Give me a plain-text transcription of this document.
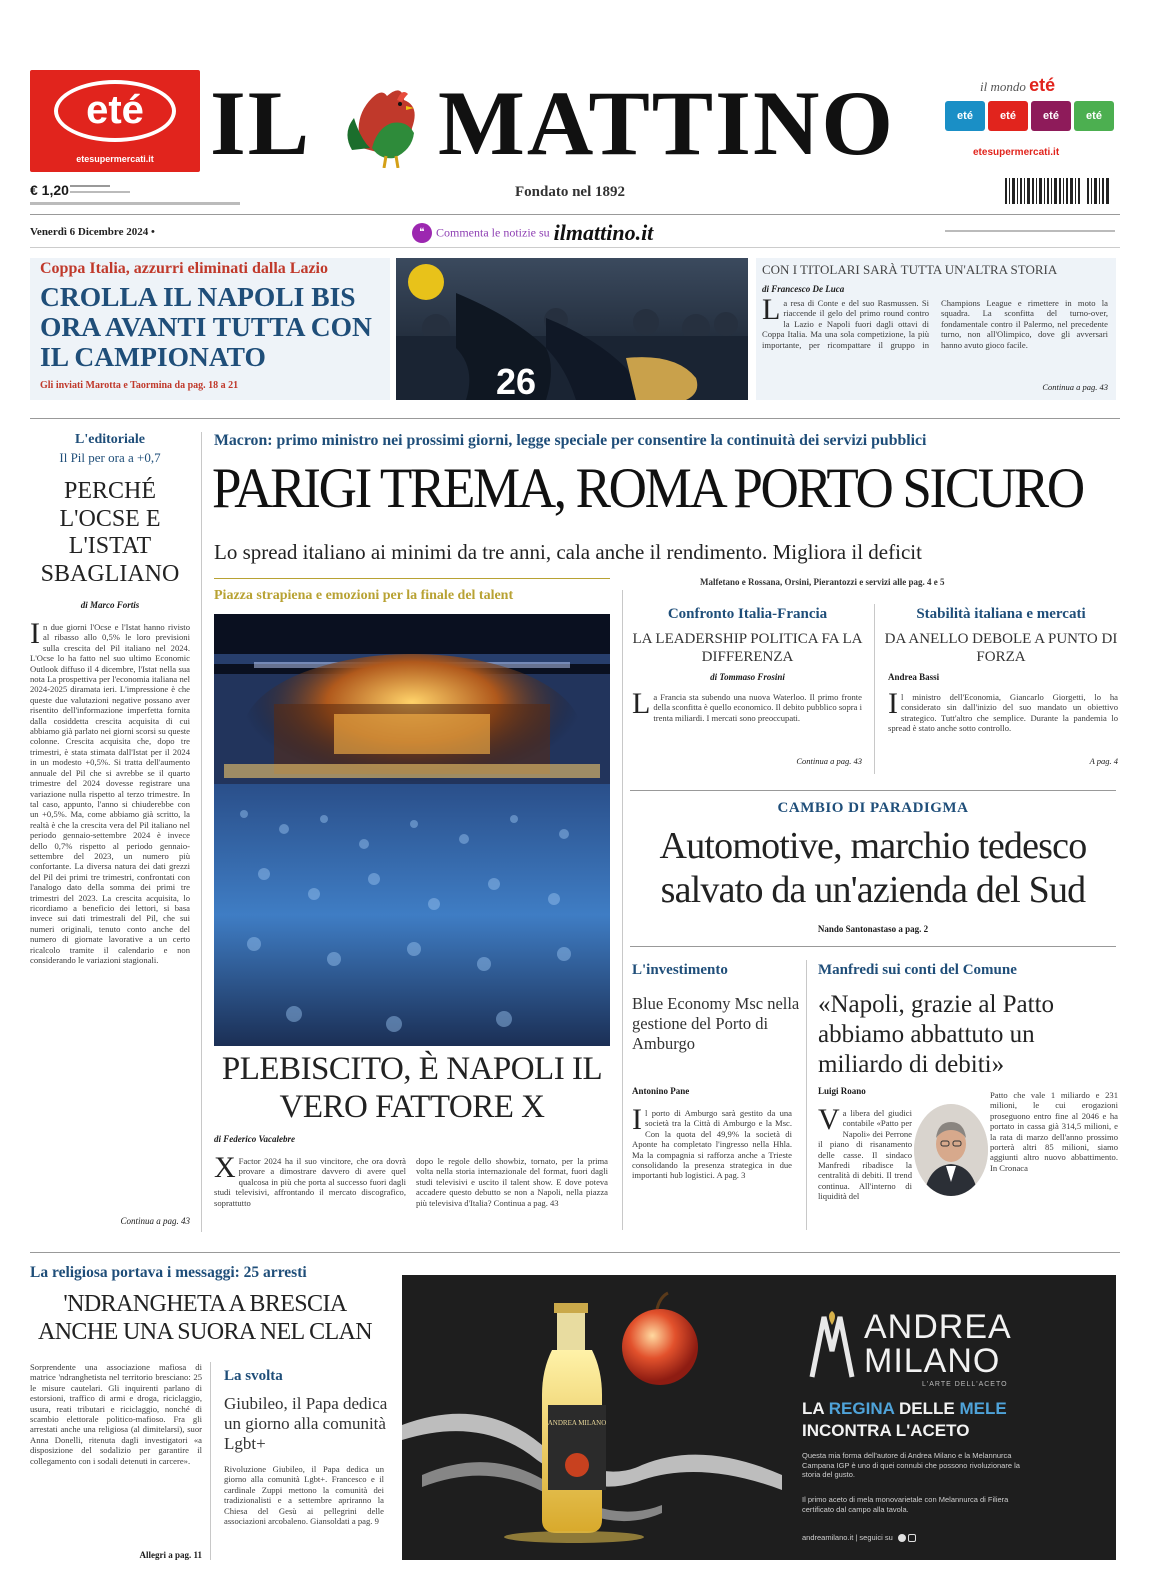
eté
etesupermercati.it IL MATTINO	il mondo eté
eté	eté	eté	eté
etesupermercati.it
€ 1,20	Fondato nel 1892
Venerdì 6 Dicembre 2024 •	❝ Commenta le notizie su ilmattino.it
Coppa Italia, azzurri eliminati dalla Lazio
CROLLA IL NAPOLI BIS ORA AVANTI TUTTA CON IL CAMPIONATO
Gli inviati Marotta e Taormina da pag. 18 a 21	26
CON I TITOLARI SARÀ TUTTA UN'ALTRA STORIA
di Francesco De Luca
La resa di Conte e del suo Rasmussen. Si riaccende il gelo del primo round contro la Lazio e Napoli fuori dagli ottavi di Coppa Italia. Ma una sola competizione, la più importante, per ricompattare il gruppo in Champions League e rimettere in moto la squadra. La sconfitta del turno-over, fondamentale contro il Palermo, nel precedente turno, non all'Olimpico, dove gli avversari hanno avuto gioco facile.
Continua a pag. 43
L'editoriale
Il Pil per ora a +0,7
PERCHÉ L'OCSE E L'ISTAT SBAGLIANO
di Marco Fortis
In due giorni l'Ocse e l'Istat hanno rivisto al ribasso allo 0,5% le loro previsioni sulla crescita del Pil italiano nel 2024. L'Ocse lo ha fatto nel suo ultimo Economic Outlook diffuso il 4 dicembre, l'Istat nella sua nota La prospettiva per l'economia italiana nel 2024-2025 diramata ieri. L'impressione è che queste due valutazioni negative possano aver risentito dell'informazione imperfetta fornita dalla cosiddetta crescita acquisita di cui abbiamo già parlato nei giorni scorsi su queste colonne. Crescita acquisita che, dopo tre trimestri, è stata stimata dall'Istat per il 2024 in un modesto +0,5%. Si tratta dell'aumento annuale del Pil che si avrebbe se il quarto trimestre del 2024 dovesse registrare una variazione nulla rispetto al terzo trimestre. In tal caso, appunto, l'anno si chiuderebbe con un +0,5%. Ma, come abbiamo già scritto, la realtà è che la crescita vera del Pil italiano nel periodo gennaio-settembre 2024 è invece dello 0,7% rispetto al periodo gennaio-settembre del 2023, un numero più confortante. La diversa natura dei dati grezzi del Pil dei primi tre trimestri, confrontati con l'analogo dato della somma dei primi tre trimestri del 2023. La crescita acquisita, lo ricordiamo a beneficio dei lettori, si basa invece sui dati trimestrali del Pil, che sui numeri originali, tenuto conto anche del numero di giornate lavorative a un certo ricalcolo tramite il calendario e non considerando le variazioni stagionali.
Continua a pag. 43
Macron: primo ministro nei prossimi giorni, legge speciale per consentire la continuità dei servizi pubblici
PARIGI TREMA, ROMA PORTO SICURO
Lo spread italiano ai minimi da tre anni, cala anche il rendimento. Migliora il deficit
Malfetano e Rossana, Orsini, Pierantozzi e servizi alle pag. 4 e 5
Piazza strapiena e emozioni per la finale del talent
PLEBISCITO, È NAPOLI IL VERO FATTORE X
di Federico Vacalebre
XFactor 2024 ha il suo vincitore, che ora dovrà provare a dimostrare davvero di avere quel qualcosa in più che porta al successo fuori dagli studi televisivi, affrontando il mercato discografico, soprattutto
dopo le regole dello showbiz, tornato, per la prima volta nella storia internazionale del format, fuori dagli studi televisivi e uscito il talent show. E dove poteva accadere questo debutto se non a Napoli, nella piazza più televisiva d'Italia? Continua a pag. 43
Confronto Italia-Francia
LA LEADERSHIP POLITICA FA LA DIFFERENZA
di Tommaso Frosini
La Francia sta subendo una nuova Waterloo. Il primo fronte della sconfitta è quello economico. Il debito pubblico sopra i trenta miliardi. I mercati sono preoccupati.
Continua a pag. 43
Stabilità italiana e mercati
DA ANELLO DEBOLE A PUNTO DI FORZA
Andrea Bassi
Il ministro dell'Economia, Giancarlo Giorgetti, lo ha considerato sin dall'inizio del suo mandato un obiettivo strategico. Tutt'altro che semplice. Durante la pandemia lo spread è stato anche sotto controllo.
A pag. 4
CAMBIO DI PARADIGMA
Automotive, marchio tedesco salvato da un'azienda del Sud
Nando Santonastaso a pag. 2
L'investimento
Blue Economy Msc nella gestione del Porto di Amburgo
Antonino Pane
Il porto di Amburgo sarà gestito da una società tra la Città di Amburgo e la Msc. Con la quota del 49,9% la società di Aponte ha completato l'ingresso nella Hhla. Ma la compagnia si rafforza anche a Trieste consolidando la presenza strategica in due importanti hub logistici. A pag. 3
Manfredi sui conti del Comune
«Napoli, grazie al Patto abbiamo abbattuto un miliardo di debiti»
Luigi Roano
Va libera del giudici contabile «Patto per Napoli» dei Perrone il piano di risanamento delle casse. Il sindaco Manfredi ribadisce la centralità di debiti. Il trend continua. All'interno di liquidità del
Patto che vale 1 miliardo e 231 milioni, le cui erogazioni proseguono entro fine al 2046 e ha portato in cassa già 314,5 milioni, e la rata di marzo dell'anno prossimo porterà altri 85 milioni, siamo aggiunti altro nuovo abbattimento. In Cronaca
La religiosa portava i messaggi: 25 arresti
'NDRANGHETA A BRESCIA ANCHE UNA SUORA NEL CLAN
Sorprendente una associazione mafiosa di matrice 'ndranghetista nel territorio bresciano: 25 le misure cautelari. Gli inquirenti parlano di estorsioni, traffico di armi e droga, riciclaggio, usura, reati tributari e riciclaggio, nonché di scambio elettorale politico-mafioso. Fra gli arrestati anche una religiosa (al dimitelarsi), suor Anna Donelli, ritenuta dagli investigatori «a disposizione del sodalizio per garantire il collegamento con i sodali detenuti in carcere».
Allegri a pag. 11
La svolta
Giubileo, il Papa dedica un giorno alla comunità Lgbt+
Rivoluzione Giubileo, il Papa dedica un giorno alla comunità Lgbt+. Francesco e il cardinale Zuppi mettono la comunità dei tradizionalisti e a settembre apriranno la Chiesa del Gesù ai pellegrini delle associazioni arcobaleno. Giansoldati a pag. 9
ANDREA MILANO
ANDREA
MILANO
L'ARTE DELL'ACETO
LA REGINA DELLE MELE
INCONTRA L'ACETO
Questa mia forma dell'autore di Andrea Milano e la Melannurca Campana IGP è uno di quei connubi che possono rivoluzionare la storia del gusto.
Il primo aceto di mela monovarietale con Melannurca di Filiera certificato dal campo alla tavola.
andreamilano.it | seguici su
